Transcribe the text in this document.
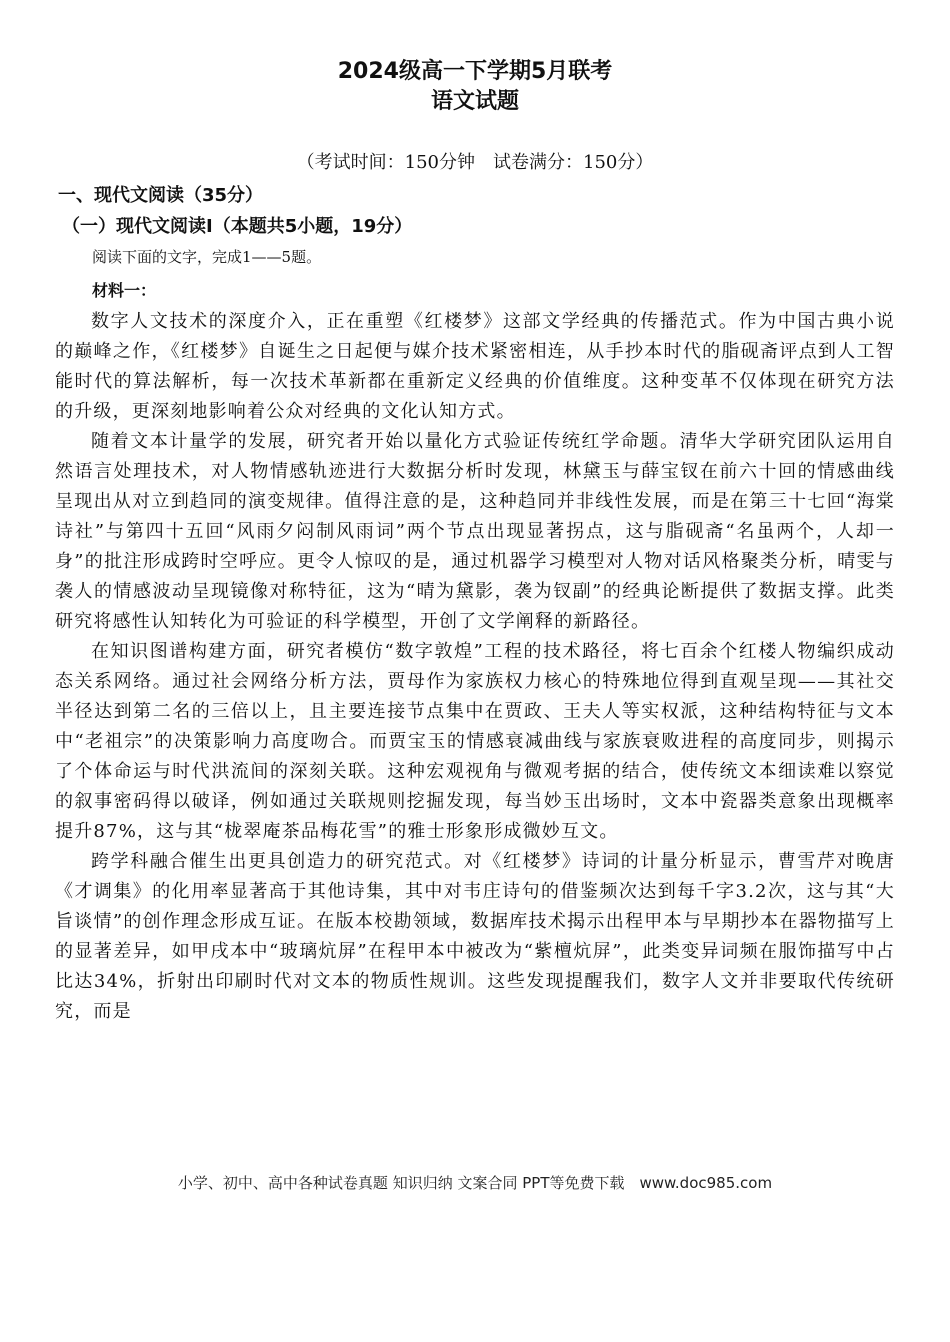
2024级高一下学期5月联考
语文试题
（考试时间：150分钟　试卷满分：150分）
一、现代文阅读（35分）
（一）现代文阅读Ⅰ（本题共5小题，19分）
阅读下面的文字，完成1——5题。
材料一：

数字人文技术的深度介入，正在重塑《红楼梦》这部文学经典的传播范式。作为中国古典小说的巅峰之作，《红楼梦》自诞生之日起便与媒介技术紧密相连，从手抄本时代的脂砚斋评点到人工智能时代的算法解析，每一次技术革新都在重新定义经典的价值维度。这种变革不仅体现在研究方法的升级，更深刻地影响着公众对经典的文化认知方式。

随着文本计量学的发展，研究者开始以量化方式验证传统红学命题。清华大学研究团队运用自然语言处理技术，对人物情感轨迹进行大数据分析时发现，林黛玉与薛宝钗在前六十回的情感曲线呈现出从对立到趋同的演变规律。值得注意的是，这种趋同并非线性发展，而是在第三十七回“海棠诗社”与第四十五回“风雨夕闷制风雨词”两个节点出现显著拐点，这与脂砚斋“名虽两个，人却一身”的批注形成跨时空呼应。更令人惊叹的是，通过机器学习模型对人物对话风格聚类分析，晴雯与袭人的情感波动呈现镜像对称特征，这为“晴为黛影，袭为钗副”的经典论断提供了数据支撑。此类研究将感性认知转化为可验证的科学模型，开创了文学阐释的新路径。

在知识图谱构建方面，研究者模仿“数字敦煌”工程的技术路径，将七百余个红楼人物编织成动态关系网络。通过社会网络分析方法，贾母作为家族权力核心的特殊地位得到直观呈现——其社交半径达到第二名的三倍以上，且主要连接节点集中在贾政、王夫人等实权派，这种结构特征与文本中“老祖宗”的决策影响力高度吻合。而贾宝玉的情感衰减曲线与家族衰败进程的高度同步，则揭示了个体命运与时代洪流间的深刻关联。这种宏观视角与微观考据的结合，使传统文本细读难以察觉的叙事密码得以破译，例如通过关联规则挖掘发现，每当妙玉出场时，文本中瓷器类意象出现概率提升87%，这与其“栊翠庵茶品梅花雪”的雅士形象形成微妙互文。

跨学科融合催生出更具创造力的研究范式。对《红楼梦》诗词的计量分析显示，曹雪芹对晚唐《才调集》的化用率显著高于其他诗集，其中对韦庄诗句的借鉴频次达到每千字3.2次，这与其“大旨谈情”的创作理念形成互证。在版本校勘领域，数据库技术揭示出程甲本与早期抄本在器物描写上的显著差异，如甲戌本中“玻璃炕屏”在程甲本中被改为“紫檀炕屏”，此类变异词频在服饰描写中占比达34%，折射出印刷时代对文本的物质性规训。这些发现提醒我们，数字人文并非要取代传统研究，而是

小学、初中、高中各种试卷真题 知识归纳 文案合同 PPT等免费下载　www.doc985.com
